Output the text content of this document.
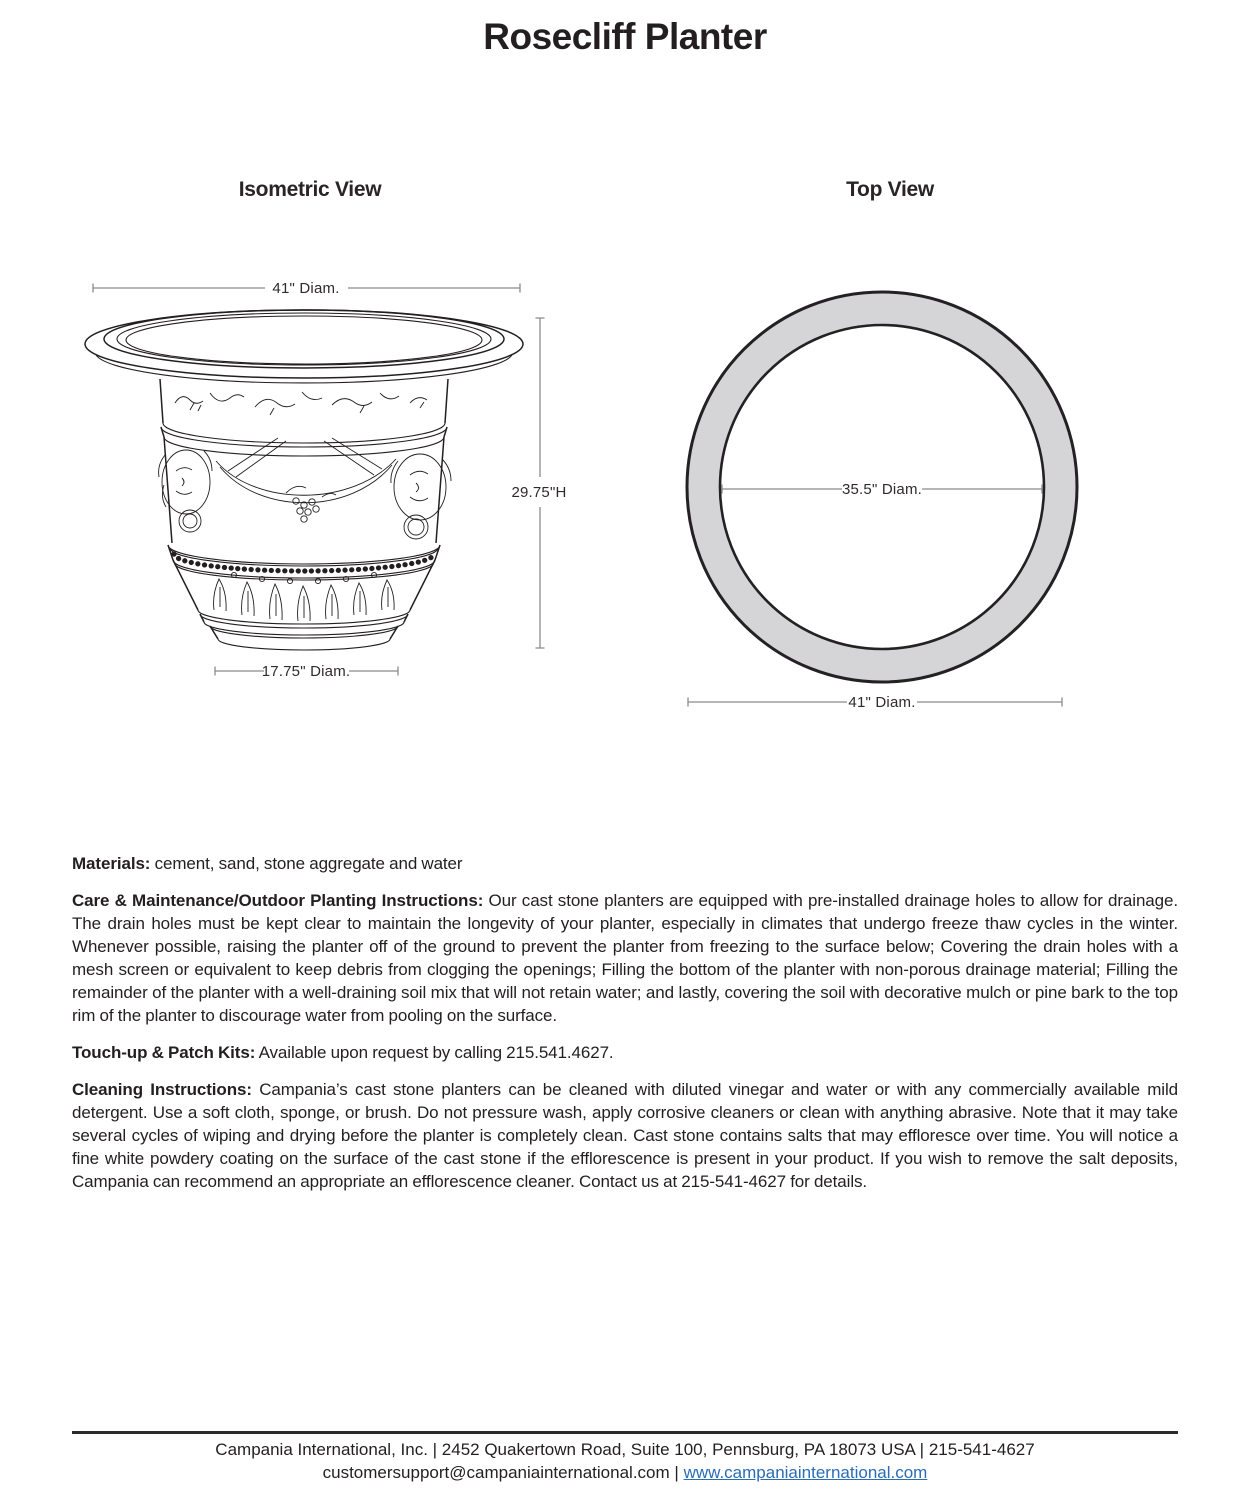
Rosecliff Planter
Isometric View	Top View
41" Diam.
29.75"H
17.75" Diam.
35.5" Diam.
41" Diam.

Materials: cement, sand, stone aggregate and water

Care & Maintenance/Outdoor Planting Instructions: Our cast stone planters are equipped with pre-installed drainage holes to allow for drainage. The drain holes must be kept clear to maintain the longevity of your planter, especially in climates that undergo freeze thaw cycles in the winter. Whenever possible, raising the planter off of the ground to prevent the planter from freezing to the surface below; Covering the drain holes with a mesh screen or equivalent to keep debris from clogging the openings; Filling the bottom of the planter with non-porous drainage material; Filling the remainder of the planter with a well-draining soil mix that will not retain water; and lastly, covering the soil with decorative mulch or pine bark to the top rim of the planter to discourage water from pooling on the surface.

Touch-up & Patch Kits: Available upon request by calling 215.541.4627.

Cleaning Instructions: Campania’s cast stone planters can be cleaned with diluted vinegar and water or with any commercially available mild detergent. Use a soft cloth, sponge, or brush. Do not pressure wash, apply corrosive cleaners or clean with anything abrasive. Note that it may take several cycles of wiping and drying before the planter is completely clean. Cast stone contains salts that may effloresce over time. You will notice a fine white powdery coating on the surface of the cast stone if the efflorescence is present in your product. If you wish to remove the salt deposits, Campania can recommend an appropriate an efflorescence cleaner. Contact us at 215-541-4627 for details.

Campania International, Inc. | 2452 Quakertown Road, Suite 100, Pennsburg, PA 18073 USA | 215-541-4627
customersupport@campaniainternational.com | www.campaniainternational.com
